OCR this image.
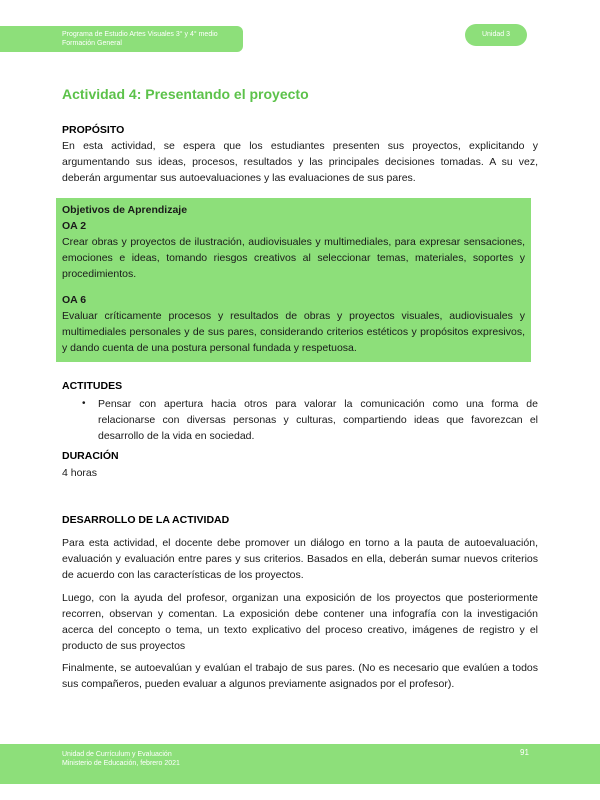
Programa de Estudio Artes Visuales 3° y 4° medio
Formación General
Unidad 3
Actividad 4: Presentando el proyecto
PROPÓSITO

En esta actividad, se espera que los estudiantes presenten sus proyectos, explicitando y argumentando sus ideas, procesos, resultados y las principales decisiones tomadas. A su vez, deberán argumentar sus autoevaluaciones y las evaluaciones de sus pares.

Objetivos de Aprendizaje

OA 2

Crear obras y proyectos de ilustración, audiovisuales y multimediales, para expresar sensaciones, emociones e ideas, tomando riesgos creativos al seleccionar temas, materiales, soportes y procedimientos.

OA 6

Evaluar críticamente procesos y resultados de obras y proyectos visuales, audiovisuales y multimediales personales y de sus pares, considerando criterios estéticos y propósitos expresivos, y dando cuenta de una postura personal fundada y respetuosa.

ACTITUDES
• Pensar con apertura hacia otros para valorar la comunicación como una forma de relacionarse con diversas personas y culturas, compartiendo ideas que favorezcan el desarrollo de la vida en sociedad.
DURACIÓN

4 horas

DESARROLLO DE LA ACTIVIDAD

Para esta actividad, el docente debe promover un diálogo en torno a la pauta de autoevaluación, evaluación y evaluación entre pares y sus criterios. Basados en ella, deberán sumar nuevos criterios de acuerdo con las características de los proyectos.

Luego, con la ayuda del profesor, organizan una exposición de los proyectos que posteriormente recorren, observan y comentan. La exposición debe contener una infografía con la investigación acerca del concepto o tema, un texto explicativo del proceso creativo, imágenes de registro y el producto de sus proyectos

Finalmente, se autoevalúan y evalúan el trabajo de sus pares. (No es necesario que evalúen a todos sus compañeros, pueden evaluar a algunos previamente asignados por el profesor).

Unidad de Currículum y Evaluación
Ministerio de Educación, febrero 2021
91
